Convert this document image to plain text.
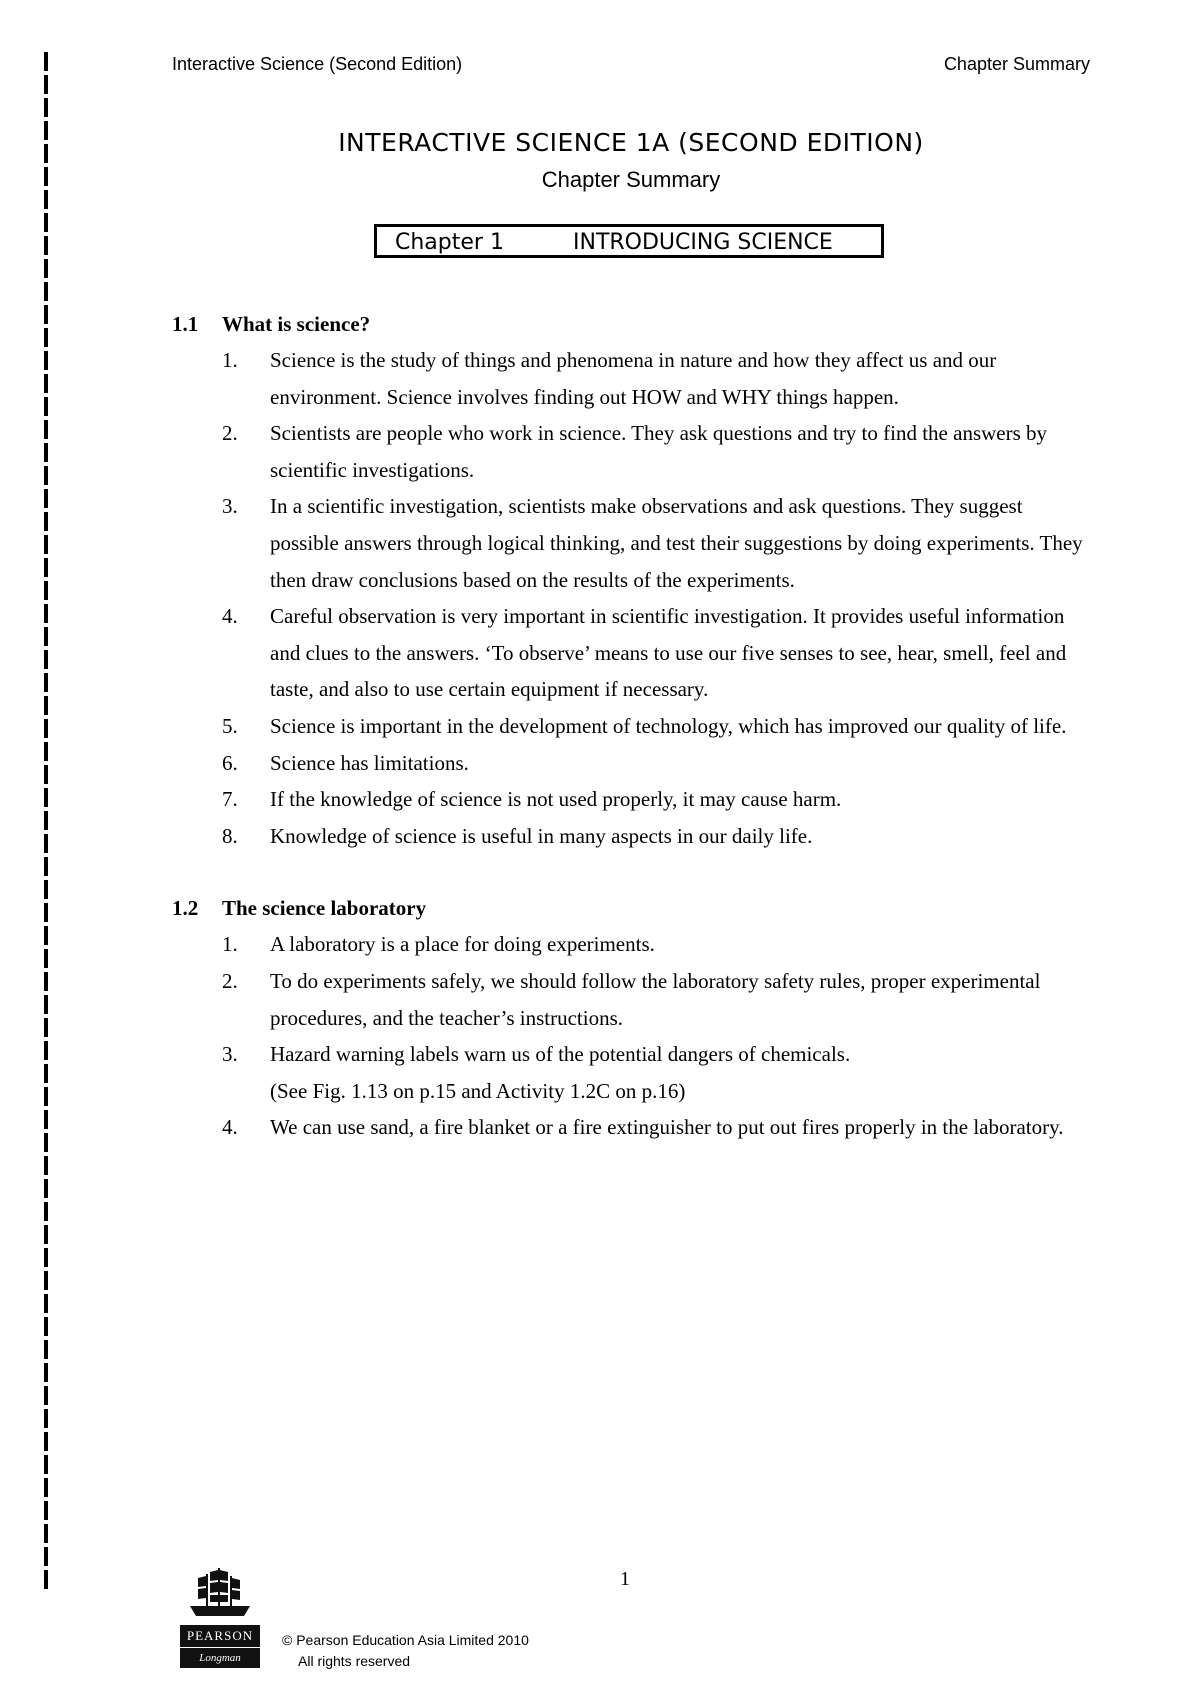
Interactive Science (Second Edition)	Chapter Summary
INTERACTIVE SCIENCE 1A (SECOND EDITION)
Chapter Summary
Chapter 1	INTRODUCING SCIENCE
1.1 What is science?
1. Science is the study of things and phenomena in nature and how they affect us and our environment. Science involves finding out HOW and WHY things happen.
2. Scientists are people who work in science. They ask questions and try to find the answers by scientific investigations.
3. In a scientific investigation, scientists make observations and ask questions. They suggest possible answers through logical thinking, and test their suggestions by doing experiments. They then draw conclusions based on the results of the experiments.
4. Careful observation is very important in scientific investigation. It provides useful information and clues to the answers. ‘To observe’ means to use our five senses to see, hear, smell, feel and taste, and also to use certain equipment if necessary.
5. Science is important in the development of technology, which has improved our quality of life.
6. Science has limitations.
7. If the knowledge of science is not used properly, it may cause harm.
8. Knowledge of science is useful in many aspects in our daily life.
1.2 The science laboratory
1. A laboratory is a place for doing experiments.
2. To do experiments safely, we should follow the laboratory safety rules, proper experimental procedures, and the teacher’s instructions.
3. Hazard warning labels warn us of the potential dangers of chemicals.
(See Fig. 1.13 on p.15 and Activity 1.2C on p.16)
4. We can use sand, a fire blanket or a fire extinguisher to put out fires properly in the laboratory.
1
PEARSON
Longman
© Pearson Education Asia Limited 2010
All rights reserved
